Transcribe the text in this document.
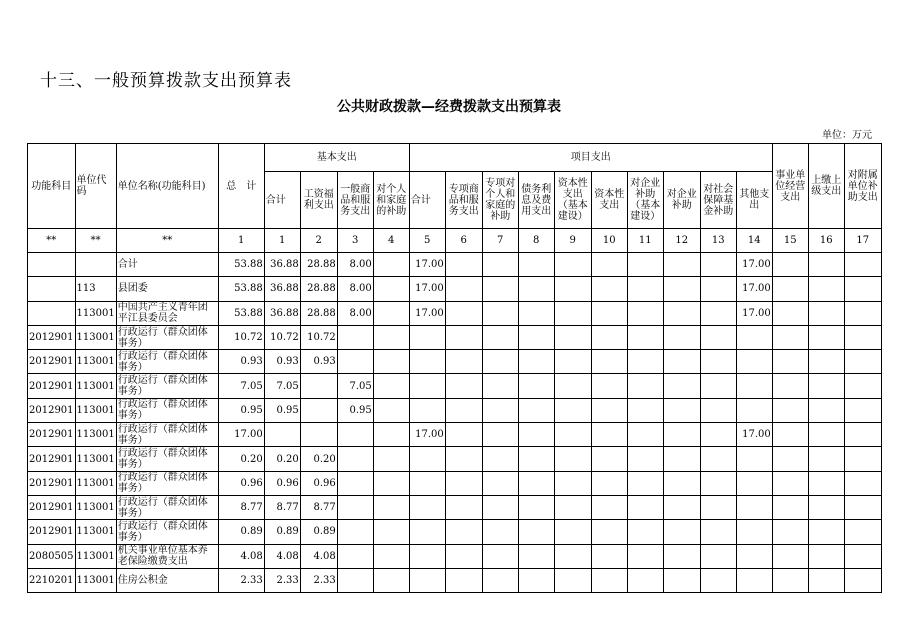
十三、一般预算拨款支出预算表
公共财政拨款—经费拨款支出预算表
单位：万元
功能科目	单位代码	单位名称(功能科目)	总　计	基本支出				项目支出										事业单位经营支出	上缴上级支出	对附属单位补助支出
				合计	工资福利支出	一般商品和服务支出	对个人和家庭的补助	合计	专项商品和服务支出	专项对个人和家庭的补助	债务利息及费用支出	资本性支出（基本建设）	资本性支出	对企业补助（基本建设）	对企业补助	对社会保障基金补助	其他支出			
**	**	**	1	1	2	3	4	5	6	7	8	9	10	11	12	13	14	15	16	17
		合计	53.88	36.88	28.88	8.00		17.00									17.00			
	113	县团委	53.88	36.88	28.88	8.00		17.00									17.00			
	113001	中国共产主义青年团平江县委员会	53.88	36.88	28.88	8.00		17.00									17.00			
2012901	113001	行政运行（群众团体事务）	10.72	10.72	10.72															
2012901	113001	行政运行（群众团体事务）	0.93	0.93	0.93															
2012901	113001	行政运行（群众团体事务）	7.05	7.05		7.05														
2012901	113001	行政运行（群众团体事务）	0.95	0.95		0.95														
2012901	113001	行政运行（群众团体事务）	17.00					17.00									17.00			
2012901	113001	行政运行（群众团体事务）	0.20	0.20	0.20															
2012901	113001	行政运行（群众团体事务）	0.96	0.96	0.96															
2012901	113001	行政运行（群众团体事务）	8.77	8.77	8.77															
2012901	113001	行政运行（群众团体事务）	0.89	0.89	0.89															
2080505	113001	机关事业单位基本养老保险缴费支出	4.08	4.08	4.08															
2210201	113001	住房公积金	2.33	2.33	2.33															
